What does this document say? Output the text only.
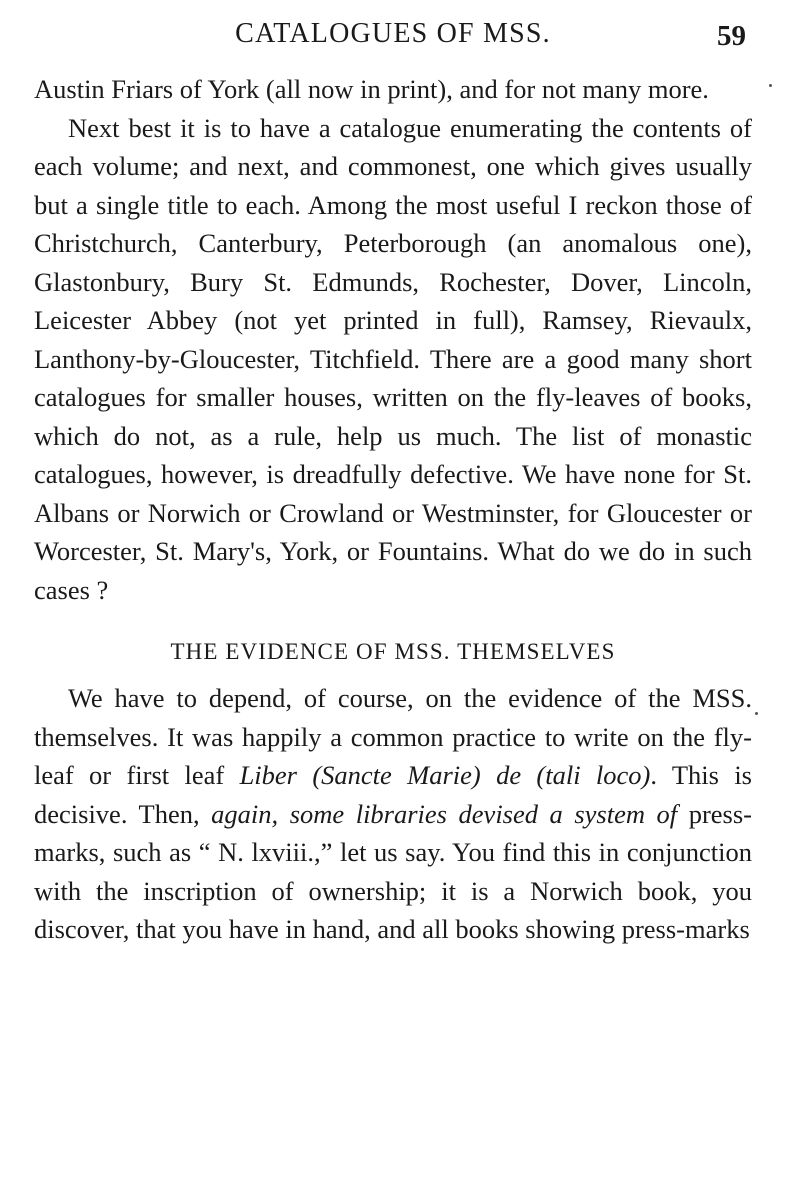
CATALOGUES OF MSS.	59

Austin Friars of York (all now in print), and for not many more.

Next best it is to have a catalogue enumerating the contents of each volume; and next, and commonest, one which gives usually but a single title to each. Among the most useful I reckon those of Christchurch, Canterbury, Peterborough (an anomalous one), Glastonbury, Bury St. Edmunds, Rochester, Dover, Lincoln, Leicester Abbey (not yet printed in full), Ramsey, Rievaulx, Lanthony-by-Gloucester, Titchfield. There are a good many short catalogues for smaller houses, written on the fly-leaves of books, which do not, as a rule, help us much. The list of monastic catalogues, however, is dreadfully defective. We have none for St. Albans or Norwich or Crowland or Westminster, for Gloucester or Worcester, St. Mary's, York, or Fountains. What do we do in such cases ?

THE EVIDENCE OF MSS. THEMSELVES

We have to depend, of course, on the evidence of the MSS. themselves. It was happily a common practice to write on the fly-leaf or first leaf Liber (Sancte Marie) de (tali loco). This is decisive. Then, again, some libraries devised a system of press-marks, such as “ N. lxviii.,” let us say. You find this in conjunction with the inscription of ownership; it is a Norwich book, you discover, that you have in hand, and all books showing press-marks
